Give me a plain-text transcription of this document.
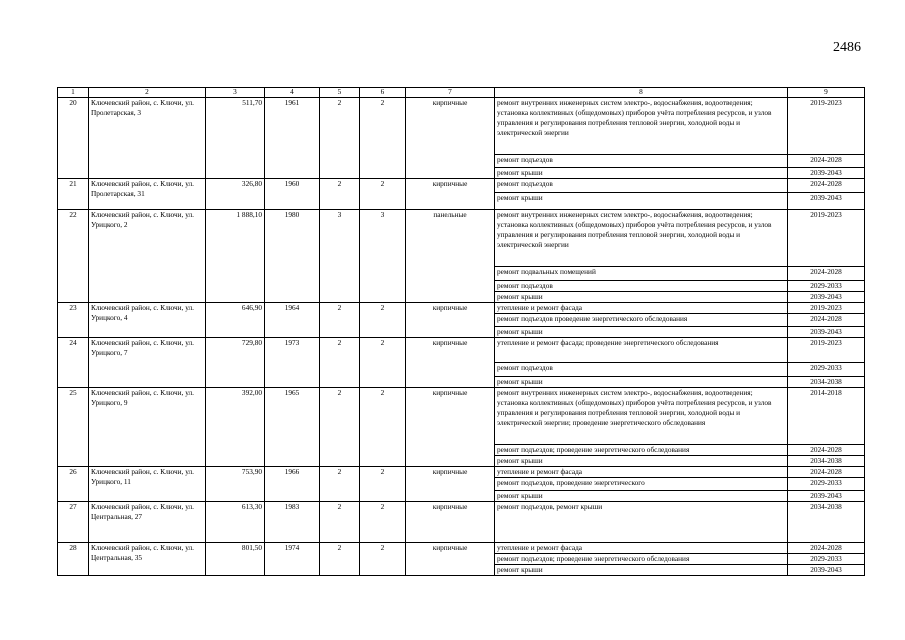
2486
1	2	3	4	5	6	7	8	9
20	Ключевский район, с. Ключи, ул. Пролетарская, 3	511,70	1961	2	2	кирпичные	ремонт внутренних инженерных систем электро-, водоснабжения, водоотведения; установка коллективных (общедомовых) приборов учёта потребления ресурсов, и узлов управления и регулирования потребления тепловой энергии, холодной воды и электрической энергии	2019-2023
							ремонт подъездов	2024-2028
							ремонт крыши	2039-2043
21	Ключевский район, с. Ключи, ул. Пролетарская, 31	326,80	1960	2	2	кирпичные	ремонт подъездов	2024-2028
							ремонт крыши	2039-2043
22	Ключевский район, с. Ключи, ул. Урицкого, 2	1 888,10	1980	3	3	панельные	ремонт внутренних инженерных систем электро-, водоснабжения, водоотведения; установка коллективных (общедомовых) приборов учёта потребления ресурсов, и узлов управления и регулирования потребления тепловой энергии, холодной воды и электрической энергии	2019-2023
							ремонт подвальных помещений	2024-2028
							ремонт подъездов	2029-2033
							ремонт крыши	2039-2043
23	Ключевский район, с. Ключи, ул. Урицкого, 4	646,90	1964	2	2	кирпичные	утепление и ремонт фасада	2019-2023
							ремонт подъездов проведение энергетического обследования	2024-2028
							ремонт крыши	2039-2043
24	Ключевский район, с. Ключи, ул. Урицкого, 7	729,80	1973	2	2	кирпичные	утепление и ремонт фасада; проведение энергетического обследования	2019-2023
							ремонт подъездов	2029-2033
							ремонт крыши	2034-2038
25	Ключевский район, с. Ключи, ул. Урицкого, 9	392,00	1965	2	2	кирпичные	ремонт внутренних инженерных систем электро-, водоснабжения, водоотведения; установка коллективных (общедомовых) приборов учёта потребления ресурсов, и узлов управления и регулирования потребления тепловой энергии, холодной воды и электрической энергии; проведение энергетического обследования	2014-2018
							ремонт подъездов; проведение энергетического обследования	2024-2028
							ремонт крыши	2034-2038
26	Ключевский район, с. Ключи, ул. Урицкого, 11	753,90	1966	2	2	кирпичные	утепление и ремонт фасада	2024-2028
							ремонт подъездов, проведение энергетического	2029-2033
							ремонт крыши	2039-2043
27	Ключевский район, с. Ключи, ул. Центральная, 27	613,30	1983	2	2	кирпичные	ремонт подъездов, ремонт крыши	2034-2038
28	Ключевский район, с. Ключи, ул. Центральная, 35	801,50	1974	2	2	кирпичные	утепление и ремонт фасада	2024-2028
							ремонт подъездов; проведение энергетического обследования	2029-2033
							ремонт крыши	2039-2043
